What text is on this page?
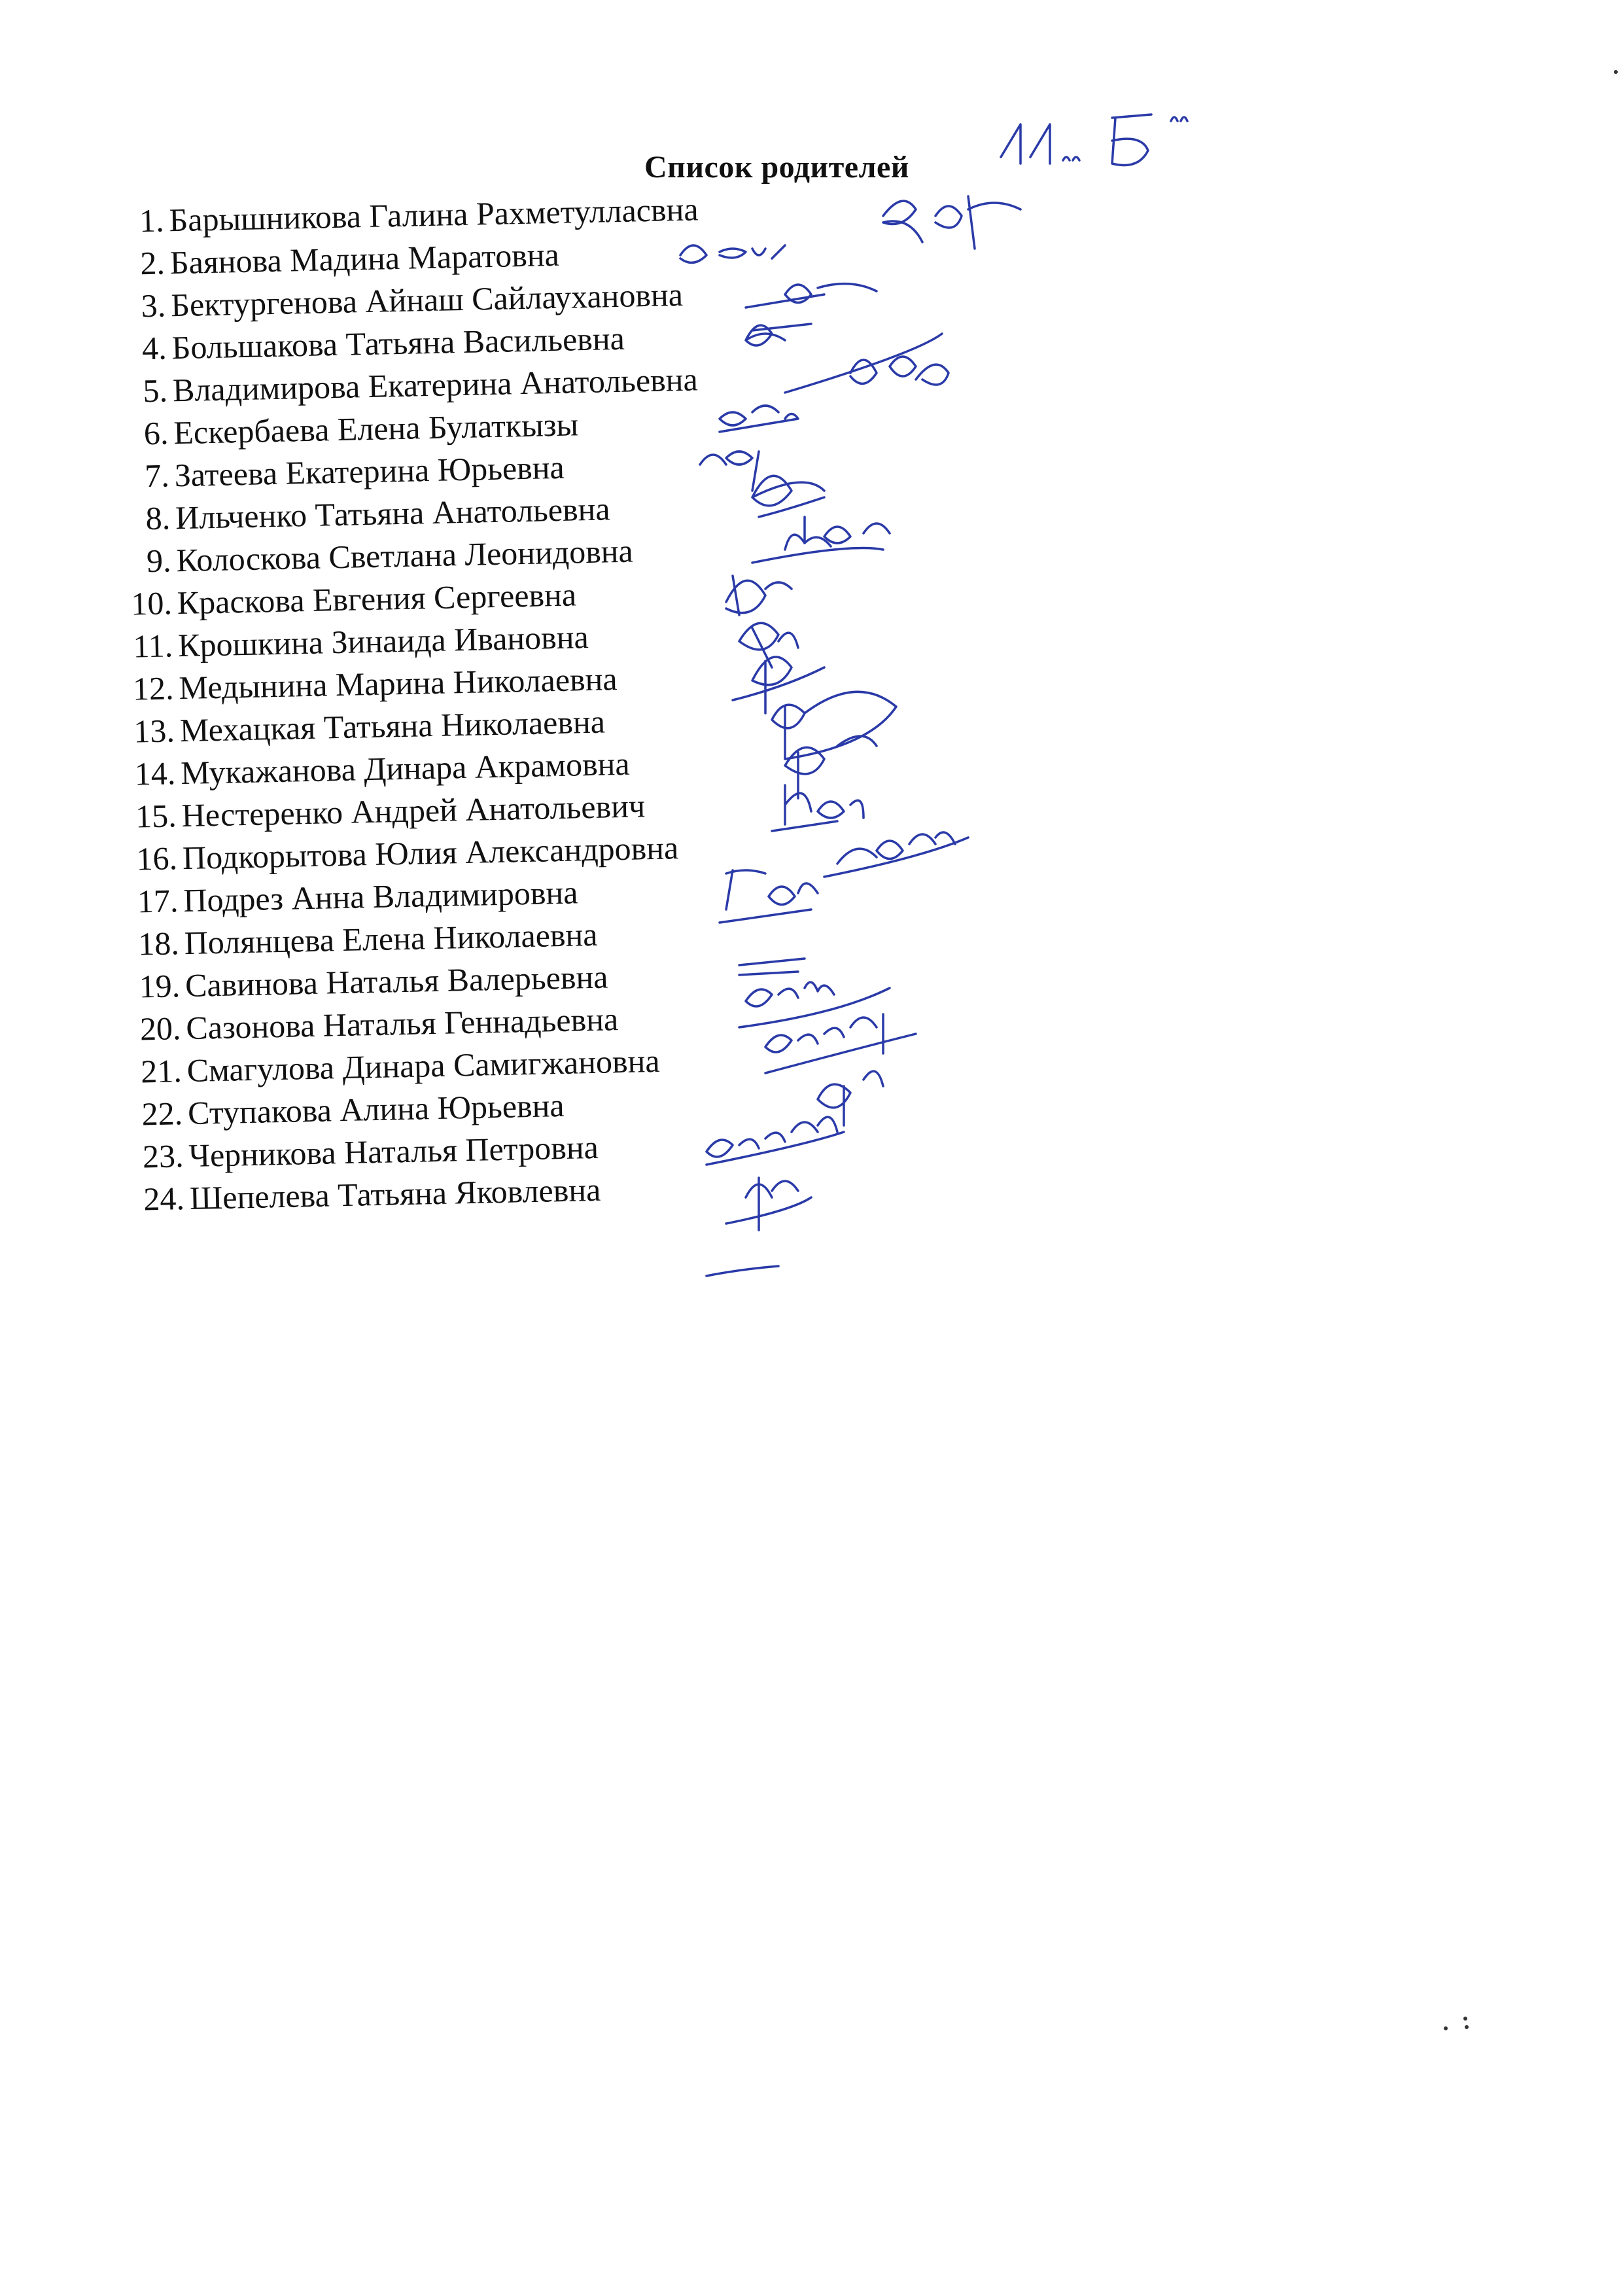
Список родителей
1. Барышникова Галина Рахметулласвна
2. Баянова Мадина Маратовна
3. Бектургенова Айнаш Сайлаухановна
4. Большакова Татьяна Васильевна
5. Владимирова Екатерина Анатольевна
6. Ескербаева Елена Булаткызы
7. Затеева Екатерина Юрьевна
8. Ильченко Татьяна Анатольевна
9. Колоскова Светлана Леонидовна
10. Краскова Евгения Сергеевна
11. Крошкина Зинаида Ивановна
12. Медынина Марина Николаевна
13. Мехацкая Татьяна Николаевна
14. Мукажанова Динара Акрамовна
15. Нестеренко Андрей Анатольевич
16. Подкорытова Юлия Александровна
17. Подрез Анна Владимировна
18. Полянцева Елена Николаевна
19. Савинова Наталья Валерьевна
20. Сазонова Наталья Геннадьевна
21. Смагулова Динара Самигжановна
22. Ступакова Алина Юрьевна
23. Черникова Наталья Петровна
24. Шепелева Татьяна Яковлевна
